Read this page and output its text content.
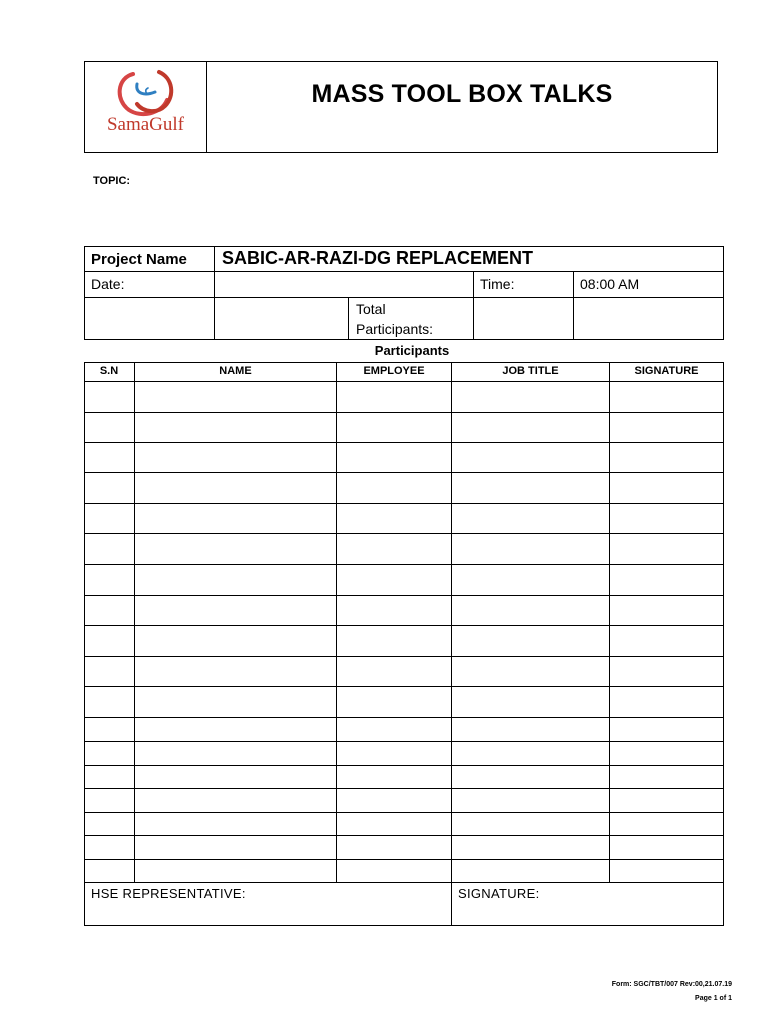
SamaGulf
MASS TOOL BOX TALKS
TOPIC:
Project Name	SABIC-AR-RAZI-DG REPLACEMENT
Date:	Time:	08:00 AM
Total
Participants:
Participants
S.N	NAME	EMPLOYEE	JOB TITLE	SIGNATURE
HSE REPRESENTATIVE:	SIGNATURE:
Form: SGC/TBT/007 Rev:00,21.07.19
Page 1 of 1
